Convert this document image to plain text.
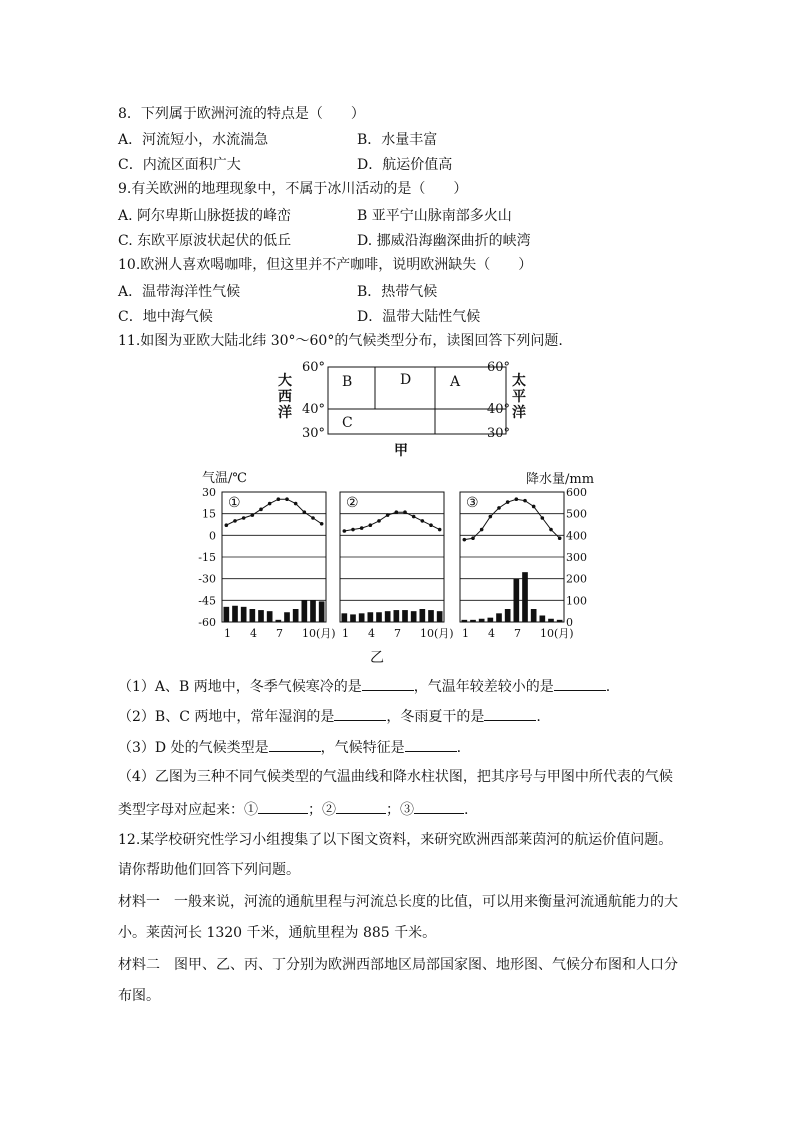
8．下列属于欧洲河流的特点是（　　）
A．河流短小，水流湍急	B．水量丰富
C．内流区面积广大	D．航运价值高
9.有关欧洲的地理现象中，不属于冰川活动的是（　　）
A. 阿尔卑斯山脉挺拔的峰峦	B 亚平宁山脉南部多火山
C. 东欧平原波状起伏的低丘	D. 挪威沿海幽深曲折的峡湾
10.欧洲人喜欢喝咖啡，但这里并不产咖啡，说明欧洲缺失（　　）
A．温带海洋性气候	B．热带气候
C．地中海气候	D．温带大陆性气候
11.如图为亚欧大陆北纬 30°～60°的气候类型分布，读图回答下列问题.
大
西
洋
太
平
洋
60°
40°
30°
60°
40°
30°
B	D	A
C
甲
气温/℃	降水量/mm
乙
30
15
0
-15
-30
-45
-60
600
500
400
300
200
100
0
①
1 4 7 10(月)
②
1 4 7 10(月)
③
1 4 7 10(月)
（1）A、B 两地中，冬季气候寒冷的是	，气温年较差较小的是	.
（2）B、C 两地中，常年湿润的是	，冬雨夏干的是	.
（3）D 处的气候类型是	，气候特征是	.
（4）乙图为三种不同气候类型的气温曲线和降水柱状图，把其序号与甲图中所代表的气候
类型字母对应起来：①	；②	；③	.
12.某学校研究性学习小组搜集了以下图文资料，来研究欧洲西部莱茵河的航运价值问题。
请你帮助他们回答下列问题。
材料一　一般来说，河流的通航里程与河流总长度的比值，可以用来衡量河流通航能力的大
小。莱茵河长 1320 千米，通航里程为 885 千米。
材料二　图甲、乙、丙、丁分别为欧洲西部地区局部国家图、地形图、气候分布图和人口分
布图。
